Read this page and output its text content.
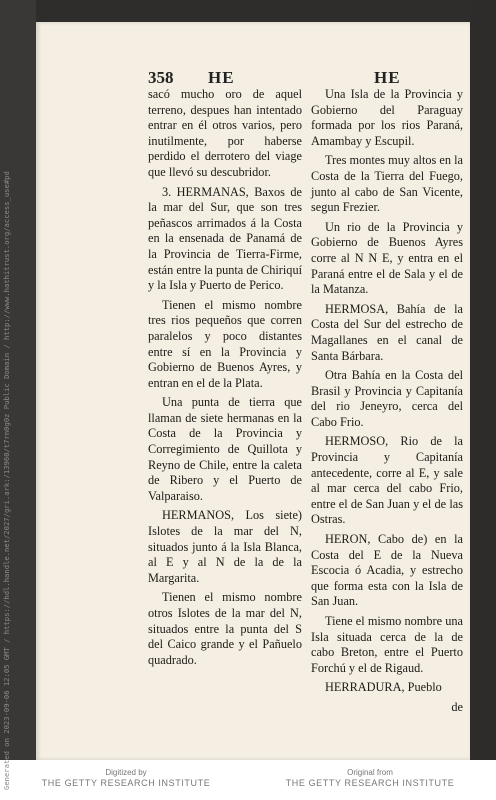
358 HE	HE

sacó mucho oro de aquel terreno, despues han intentado entrar en él otros varios, pero inutilmente, por haberse perdido el derrotero del viage que llevó su descubridor.

3. HERMANAS, Baxos de la mar del Sur, que son tres peñascos arrimados á la Costa en la ensenada de Panamá de la Provincia de Tierra-Firme, están entre la punta de Chiriquí y la Isla y Puerto de Perico.

Tienen el mismo nombre tres rios pequeños que corren paralelos y poco distantes entre sí en la Provincia y Gobierno de Buenos Ayres, y entran en el de la Plata.

Una punta de tierra que llaman de siete hermanas en la Costa de la Provincia y Corregimiento de Quillota y Reyno de Chile, entre la caleta de Ribero y el Puerto de Valparaiso.

HERMANOS, Los siete) Islotes de la mar del N, situados junto á la Isla Blanca, al E y al N de la de la Margarita.

Tienen el mismo nombre otros Islotes de la mar del N, situados entre la punta del S del Caico grande y el Pañuelo quadrado.

Una Isla de la Provincia y Gobierno del Paraguay formada por los rios Paraná, Amambay y Escupil.

Tres montes muy altos en la Costa de la Tierra del Fuego, junto al cabo de San Vicente, segun Frezier.

Un rio de la Provincia y Gobierno de Buenos Ayres corre al N N E, y entra en el Paraná entre el de Sala y el de la Matanza.

HERMOSA, Bahía de la Costa del Sur del estrecho de Magallanes en el canal de Santa Bárbara.

Otra Bahía en la Costa del Brasil y Provincia y Capitanía del rio Jeneyro, cerca del Cabo Frio.

HERMOSO, Rio de la Provincia y Capitanía antecedente, corre al E, y sale al mar cerca del cabo Frio, entre el de San Juan y el de las Ostras.

HERON, Cabo de) en la Costa del E de la Nueva Escocia ó Acadia, y estrecho que forma esta con la Isla de San Juan.

Tiene el mismo nombre una Isla situada cerca de la de cabo Breton, entre el Puerto Forchú y el de Rigaud.

HERRADURA, Pueblo

de

Generated on 2023-09-06 12:05 GMT / https://hdl.handle.net/2027/gri.ark:/13960/t7rn0g0z Public Domain / http://www.hathitrust.org/access_use#pd	Digitized by
THE GETTY RESEARCH INSTITUTE
Original from
THE GETTY RESEARCH INSTITUTE
